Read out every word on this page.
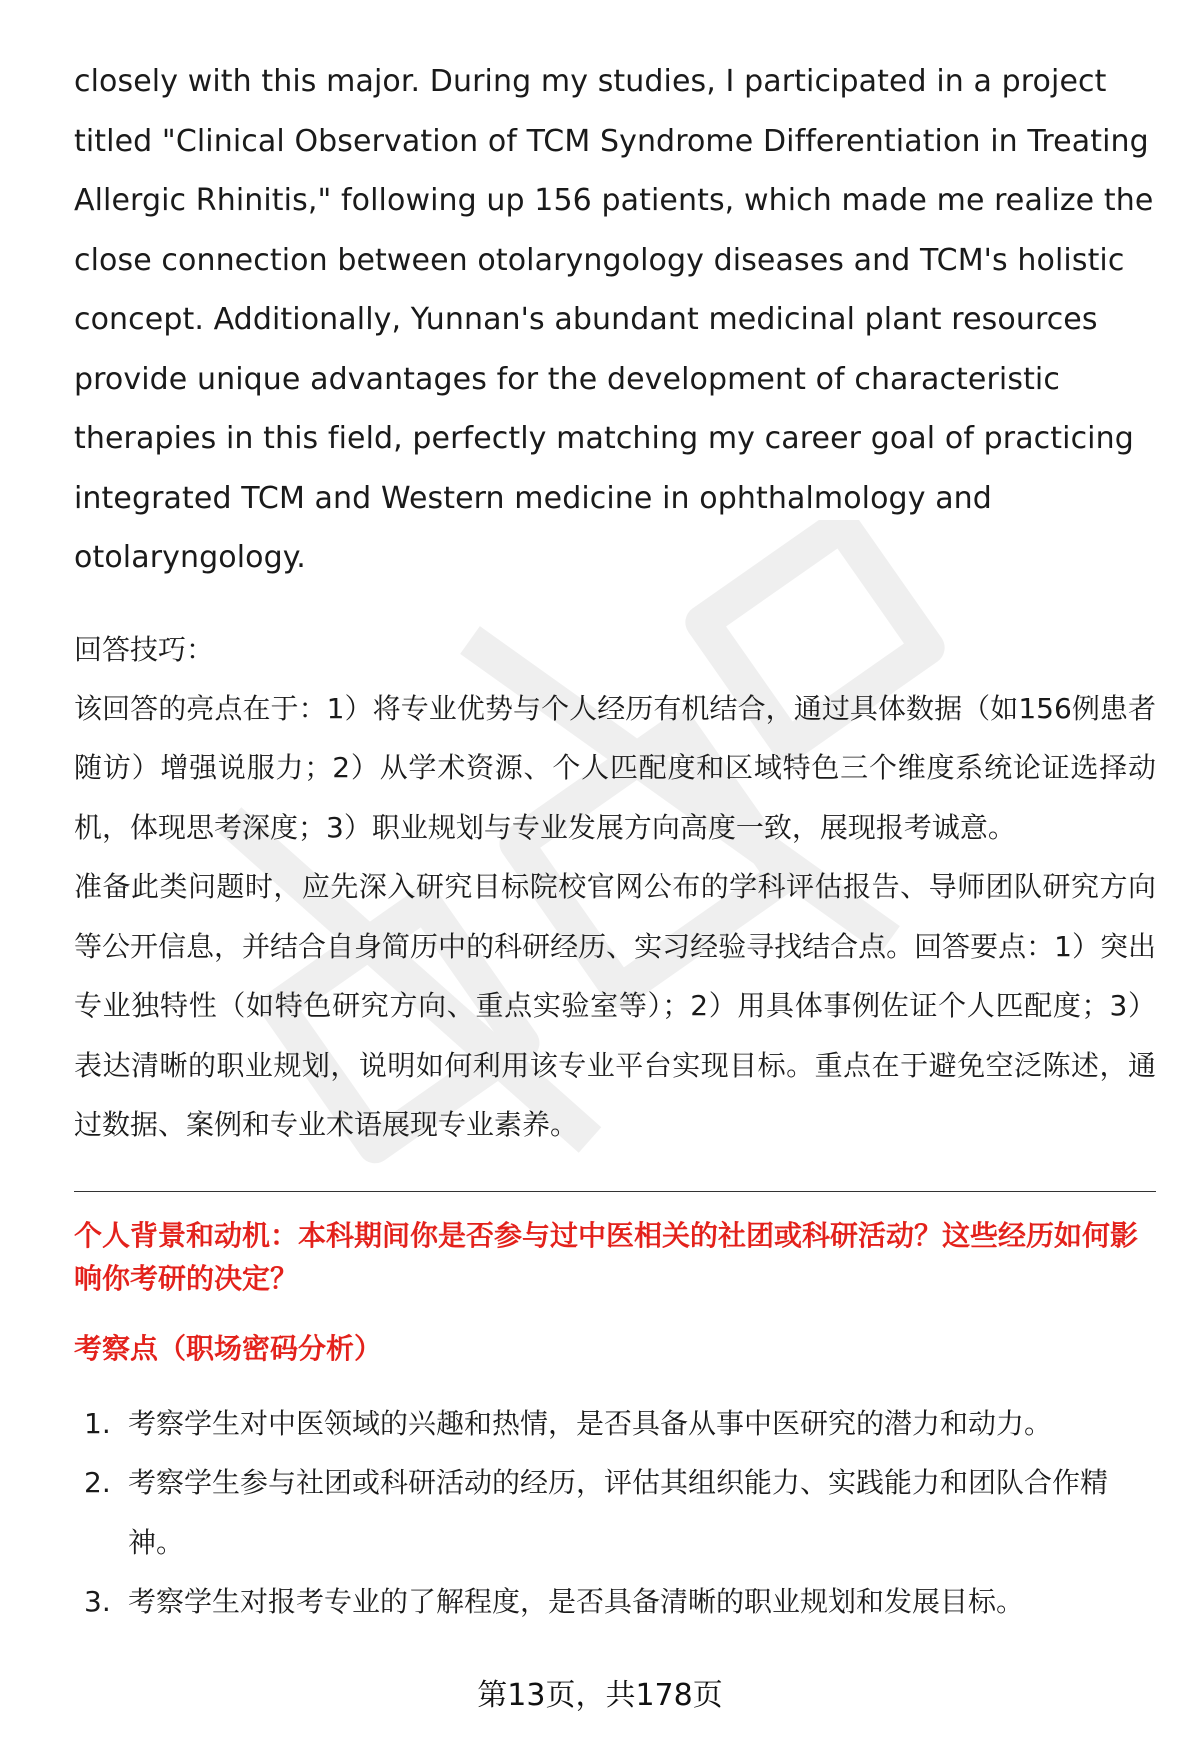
closely with this major. During my studies, I participated in a project titled "Clinical Observation of TCM Syndrome Differentiation in Treating Allergic Rhinitis," following up 156 patients, which made me realize the close connection between otolaryngology diseases and TCM's holistic concept. Additionally, Yunnan's abundant medicinal plant resources provide unique advantages for the development of characteristic therapies in this field, perfectly matching my career goal of practicing integrated TCM and Western medicine in ophthalmology and otolaryngology.

回答技巧：

该回答的亮点在于：1）将专业优势与个人经历有机结合，通过具体数据（如156例患者随访）增强说服力；2）从学术资源、个人匹配度和区域特色三个维度系统论证选择动机，体现思考深度；3）职业规划与专业发展方向高度一致，展现报考诚意。

准备此类问题时，应先深入研究目标院校官网公布的学科评估报告、导师团队研究方向等公开信息，并结合自身简历中的科研经历、实习经验寻找结合点。回答要点：1）突出专业独特性（如特色研究方向、重点实验室等）；2）用具体事例佐证个人匹配度；3）表达清晰的职业规划，说明如何利用该专业平台实现目标。重点在于避免空泛陈述，通过数据、案例和专业术语展现专业素养。

个人背景和动机：本科期间你是否参与过中医相关的社团或科研活动？这些经历如何影响你考研的决定？

考察点（职场密码分析）

1. 考察学生对中医领域的兴趣和热情，是否具备从事中医研究的潜力和动力。
2. 考察学生参与社团或科研活动的经历，评估其组织能力、实践能力和团队合作精神。
3. 考察学生对报考专业的了解程度，是否具备清晰的职业规划和发展目标。
第13页，共178页
